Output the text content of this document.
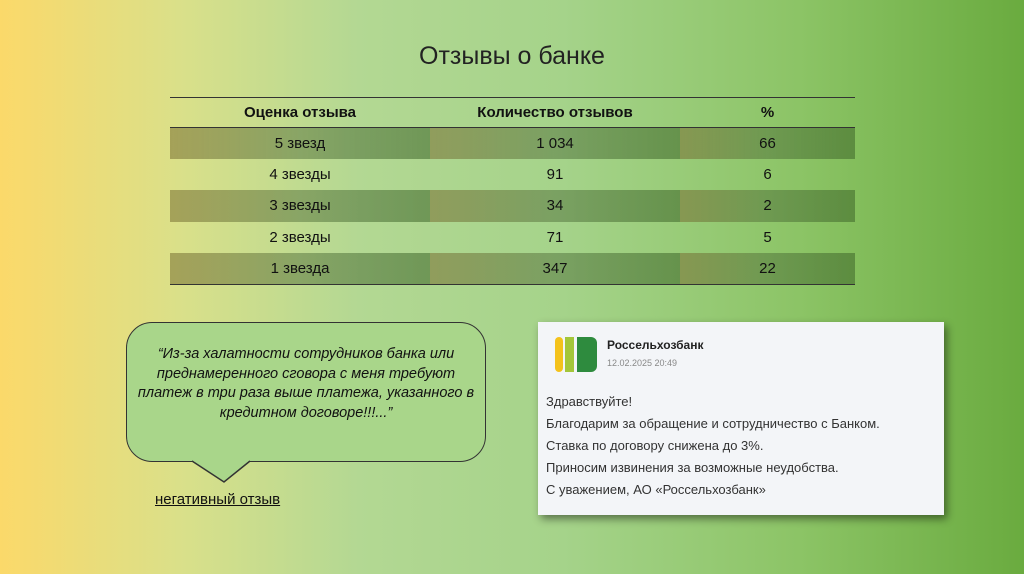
Отзывы о банке
Оценка отзыва	Количество отзывов	%
5 звезд	1 034	66
4 звезды	91	6
3 звезды	34	2
2 звезды	71	5
1 звезда	347	22

“Из-за халатности сотрудников банка или преднамеренного сговора с меня требуют платеж в три раза выше платежа, указанного в кредитном договоре!!!...”

негативный отзыв
Россельхозбанк
12.02.2025 20:49
Здравствуйте!
Благодарим за обращение и сотрудничество с Банком.
Ставка по договору снижена до 3%.
Приносим извинения за возможные неудобства.
С уважением, АО «Россельхозбанк»
